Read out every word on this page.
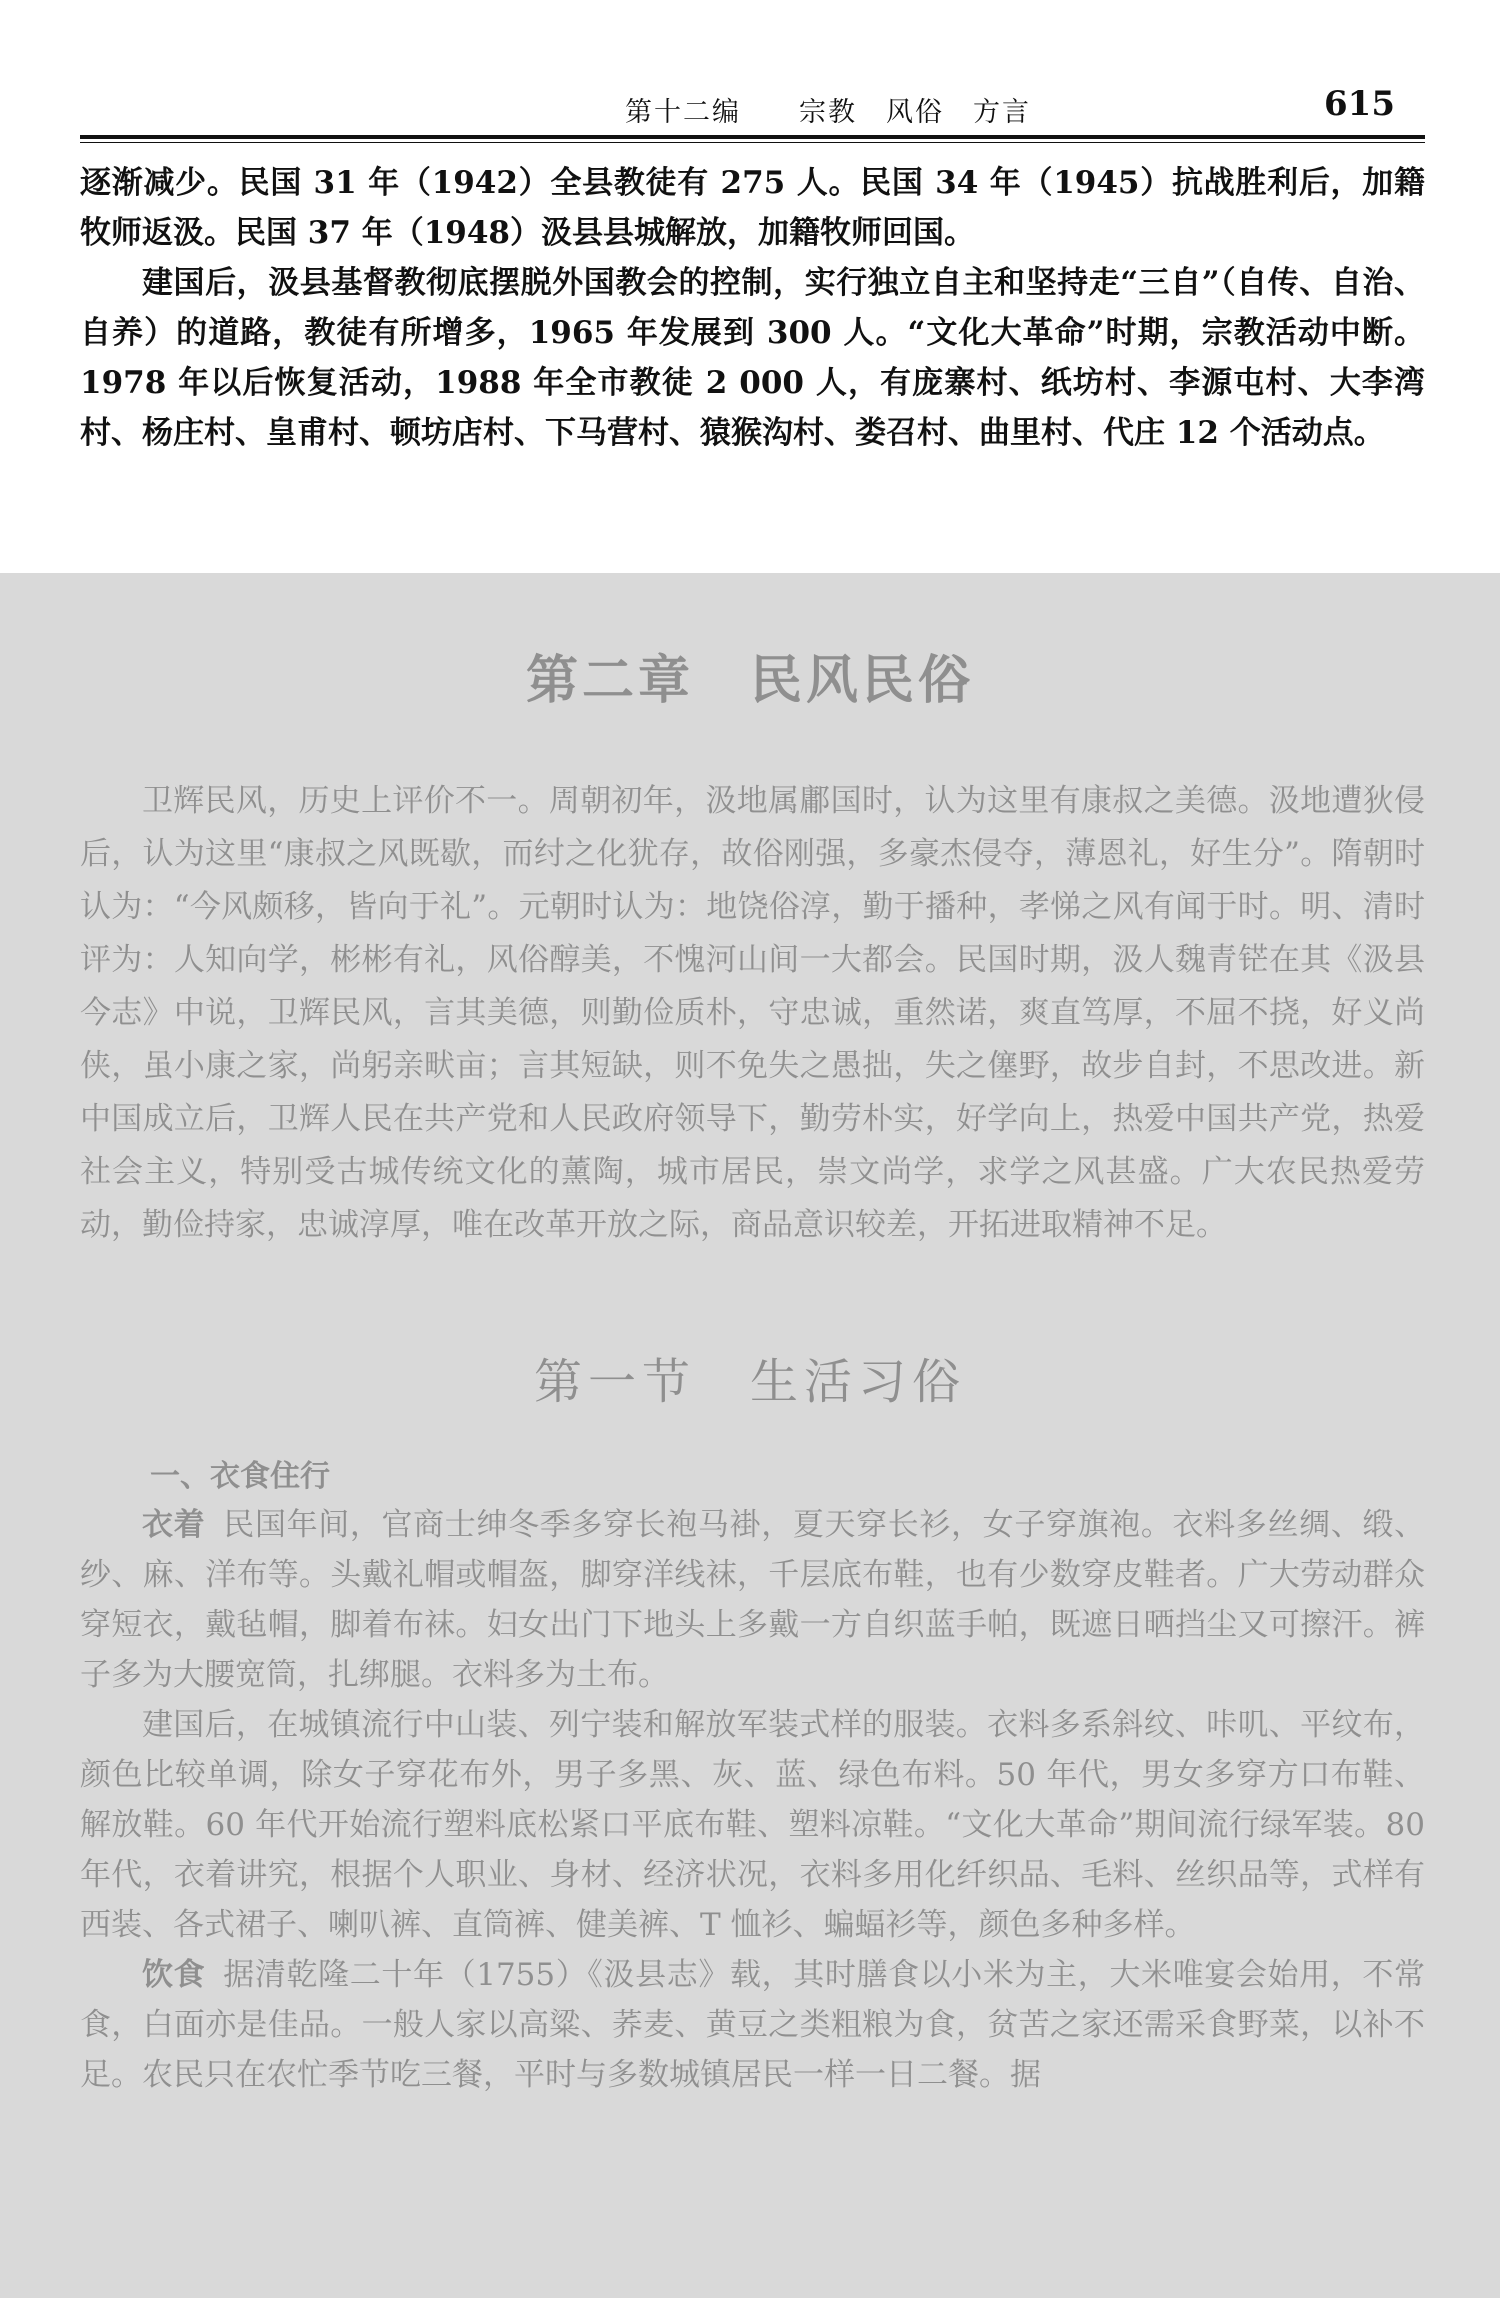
第十二编　　宗教　风俗　方言	615

逐渐减少。民国 31 年（1942）全县教徒有 275 人。民国 34 年（1945）抗战胜利后，加籍牧师返汲。民国 37 年（1948）汲县县城解放，加籍牧师回国。

建国后，汲县基督教彻底摆脱外国教会的控制，实行独立自主和坚持走“三自”（自传、自治、自养）的道路，教徒有所增多，1965 年发展到 300 人。“文化大革命”时期，宗教活动中断。1978 年以后恢复活动，1988 年全市教徒 2 000 人，有庞寨村、纸坊村、李源屯村、大李湾村、杨庄村、皇甫村、顿坊店村、下马营村、猿猴沟村、娄召村、曲里村、代庄 12 个活动点。

第二章　民风民俗

卫辉民风，历史上评价不一。周朝初年，汲地属鄘国时，认为这里有康叔之美德。汲地遭狄侵后，认为这里“康叔之风既歇，而纣之化犹存，故俗刚强，多豪杰侵夺，薄恩礼，好生分”。隋朝时认为：“今风颇移，皆向于礼”。元朝时认为：地饶俗淳，勤于播种，孝悌之风有闻于时。明、清时评为：人知向学，彬彬有礼，风俗醇美，不愧河山间一大都会。民国时期，汲人魏青铓在其《汲县今志》中说，卫辉民风，言其美德，则勤俭质朴，守忠诚，重然诺，爽直笃厚，不屈不挠，好义尚侠，虽小康之家，尚躬亲畎亩；言其短缺，则不免失之愚拙，失之僿野，故步自封，不思改进。新中国成立后，卫辉人民在共产党和人民政府领导下，勤劳朴实，好学向上，热爱中国共产党，热爱社会主义，特别受古城传统文化的薰陶，城市居民，崇文尚学，求学之风甚盛。广大农民热爱劳动，勤俭持家，忠诚淳厚，唯在改革开放之际，商品意识较差，开拓进取精神不足。

第一节　生活习俗
一、衣食住行

衣着 民国年间，官商士绅冬季多穿长袍马褂，夏天穿长衫，女子穿旗袍。衣料多丝绸、缎、纱、麻、洋布等。头戴礼帽或帽盔，脚穿洋线袜，千层底布鞋，也有少数穿皮鞋者。广大劳动群众穿短衣，戴毡帽，脚着布袜。妇女出门下地头上多戴一方自织蓝手帕，既遮日晒挡尘又可擦汗。裤子多为大腰宽筒，扎绑腿。衣料多为土布。

建国后，在城镇流行中山装、列宁装和解放军装式样的服装。衣料多系斜纹、咔叽、平纹布，颜色比较单调，除女子穿花布外，男子多黑、灰、蓝、绿色布料。50 年代，男女多穿方口布鞋、解放鞋。60 年代开始流行塑料底松紧口平底布鞋、塑料凉鞋。“文化大革命”期间流行绿军装。80 年代，衣着讲究，根据个人职业、身材、经济状况，衣料多用化纤织品、毛料、丝织品等，式样有西装、各式裙子、喇叭裤、直筒裤、健美裤、T 恤衫、蝙蝠衫等，颜色多种多样。

饮食 据清乾隆二十年（1755）《汲县志》载，其时膳食以小米为主，大米唯宴会始用，不常食，白面亦是佳品。一般人家以高粱、荞麦、黄豆之类粗粮为食，贫苦之家还需采食野菜，以补不足。农民只在农忙季节吃三餐，平时与多数城镇居民一样一日二餐。据
